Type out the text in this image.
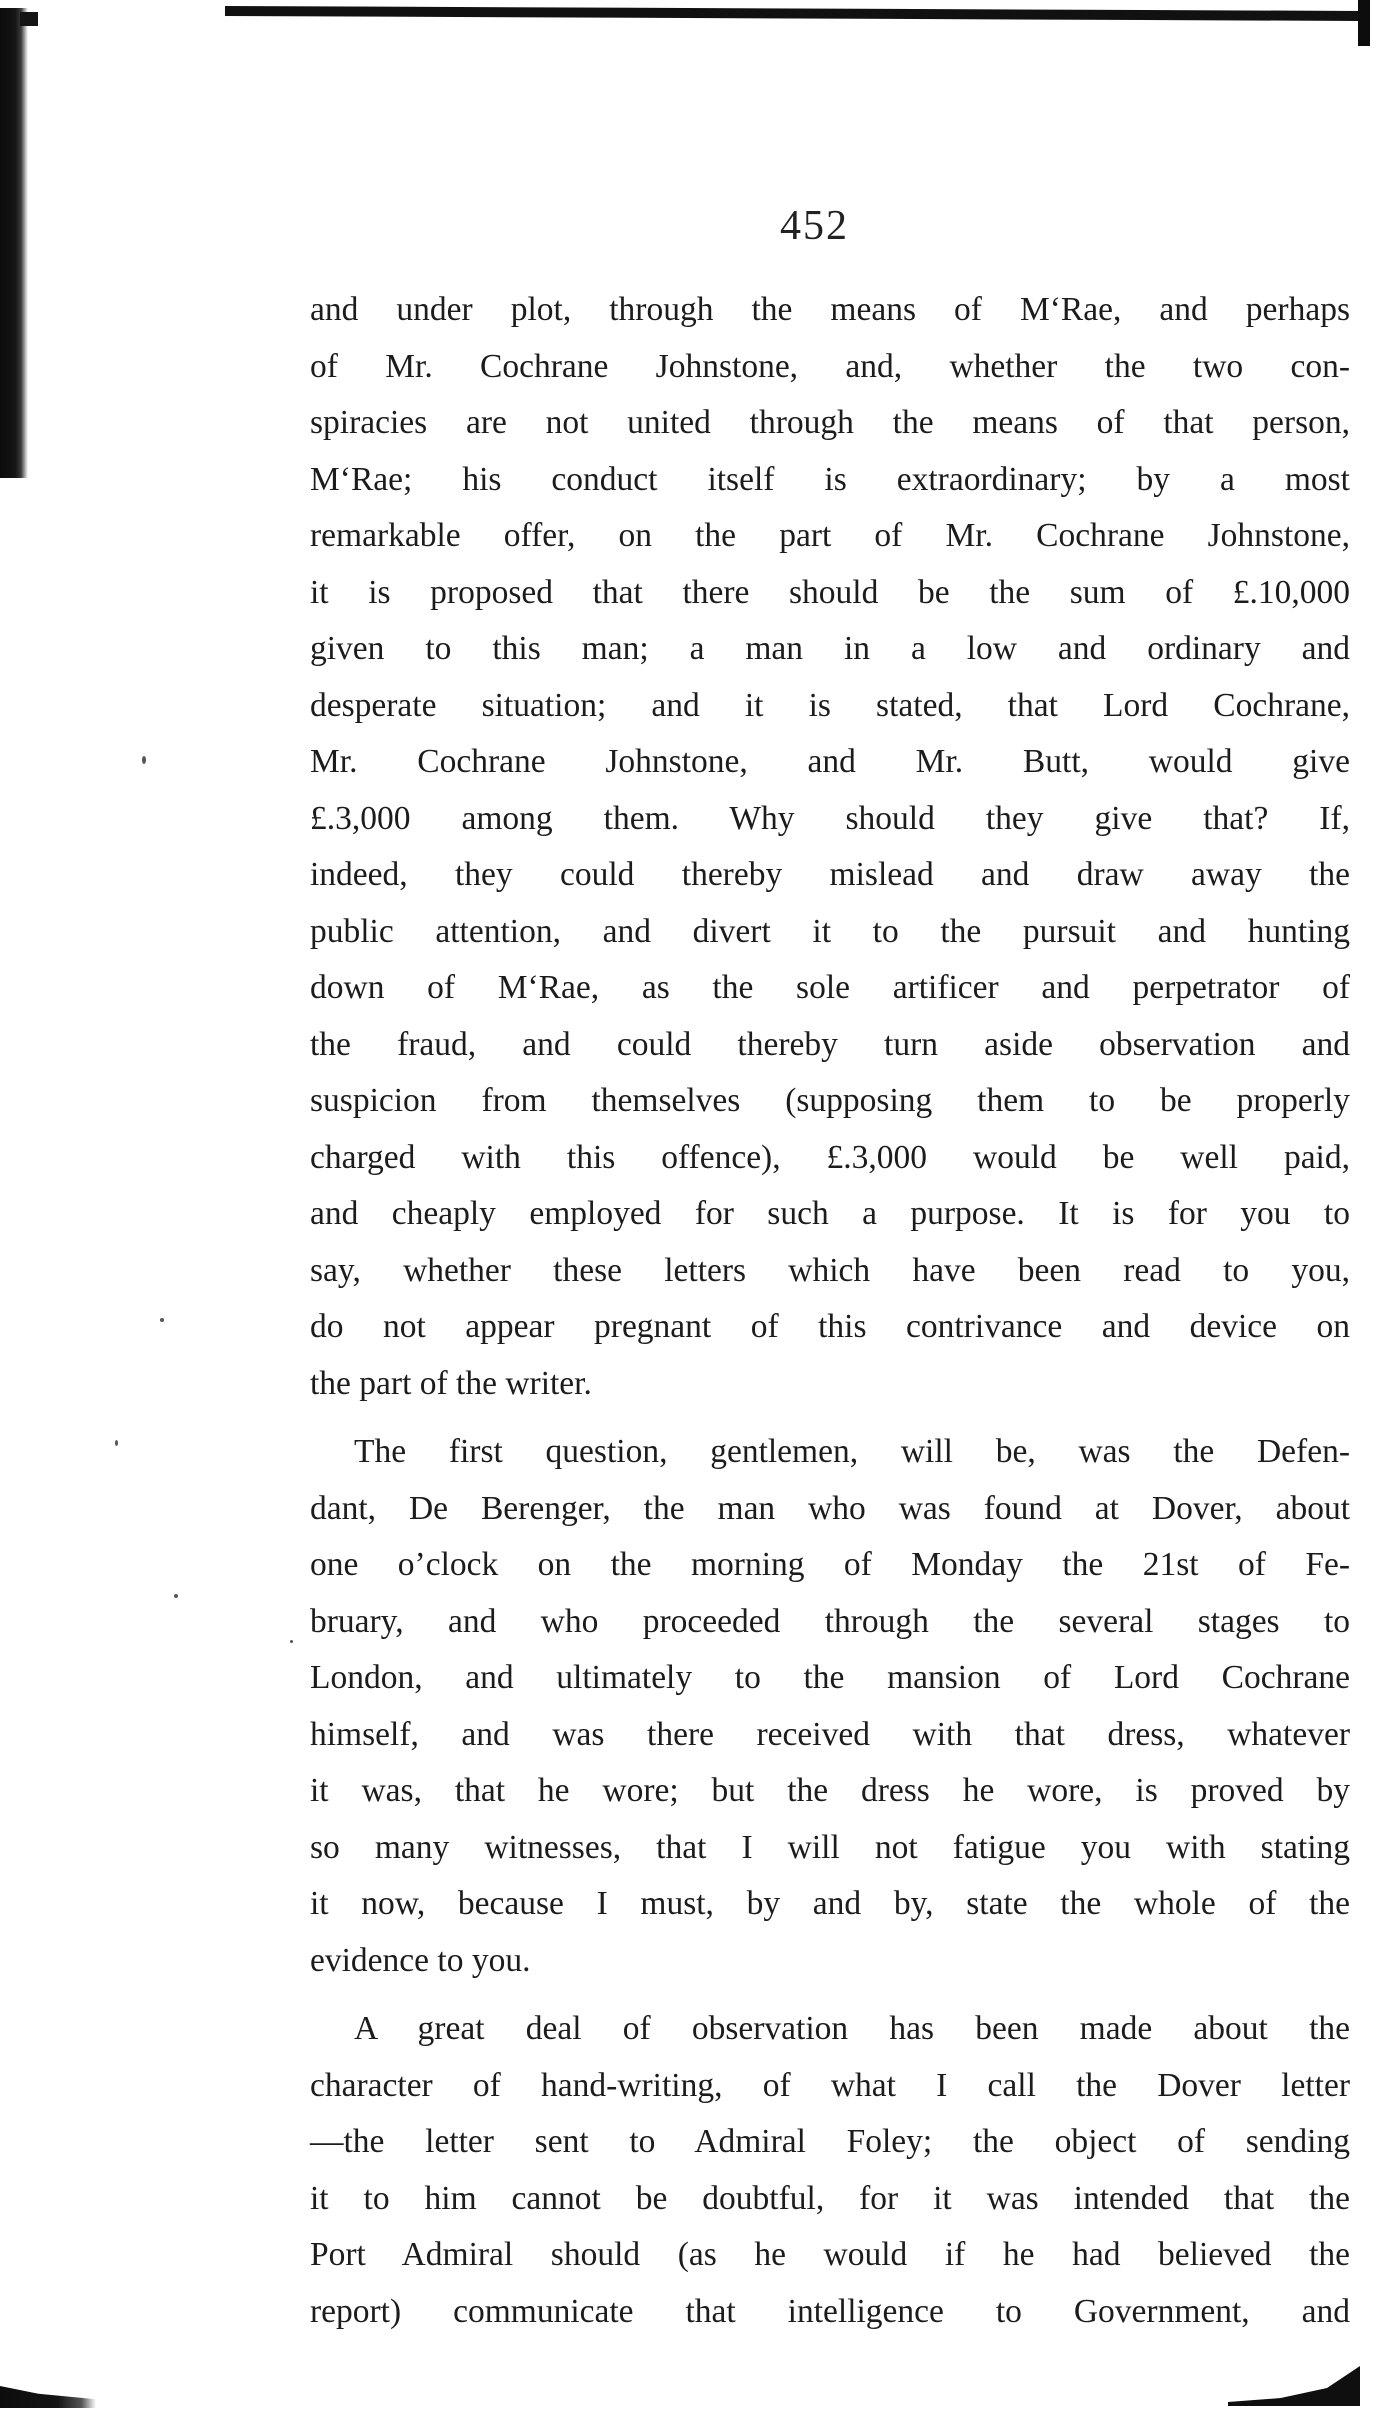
452
and under plot, through the means of M‘Rae, and perhaps
of Mr. Cochrane Johnstone, and, whether the two con-
spiracies are not united through the means of that person,
M‘Rae; his conduct itself is extraordinary; by a most
remarkable offer, on the part of Mr. Cochrane Johnstone,
it is proposed that there should be the sum of £.10,000
given to this man; a man in a low and ordinary and
desperate situation; and it is stated, that Lord Cochrane,
Mr. Cochrane Johnstone, and Mr. Butt, would give
£.3,000 among them. Why should they give that? If,
indeed, they could thereby mislead and draw away the
public attention, and divert it to the pursuit and hunting
down of M‘Rae, as the sole artificer and perpetrator of
the fraud, and could thereby turn aside observation and
suspicion from themselves (supposing them to be properly
charged with this offence), £.3,000 would be well paid,
and cheaply employed for such a purpose. It is for you to
say, whether these letters which have been read to you,
do not appear pregnant of this contrivance and device on
the part of the writer.
The first question, gentlemen, will be, was the Defen-
dant, De Berenger, the man who was found at Dover, about
one o’clock on the morning of Monday the 21st of Fe-
bruary, and who proceeded through the several stages to
London, and ultimately to the mansion of Lord Cochrane
himself, and was there received with that dress, whatever
it was, that he wore; but the dress he wore, is proved by
so many witnesses, that I will not fatigue you with stating
it now, because I must, by and by, state the whole of the
evidence to you.
A great deal of observation has been made about the
character of hand-writing, of what I call the Dover letter
—the letter sent to Admiral Foley; the object of sending
it to him cannot be doubtful, for it was intended that the
Port Admiral should (as he would if he had believed the
report) communicate that intelligence to Government, and
